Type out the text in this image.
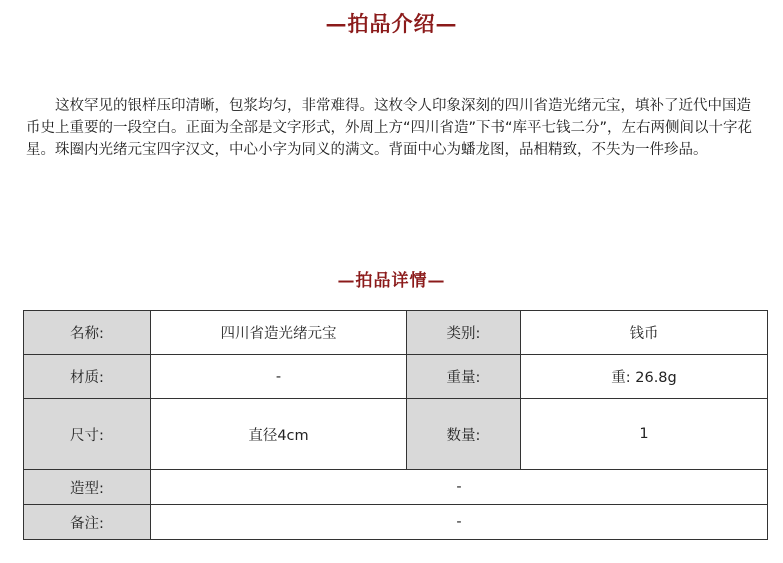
—拍品介绍—

这枚罕见的银样压印清晰，包浆均匀，非常难得。这枚令人印象深刻的四川省造光绪元宝，填补了近代中国造币史上重要的一段空白。正面为全部是文字形式，外周上方“四川省造”下书“库平七钱二分”，左右两侧间以十字花星。珠圈内光绪元宝四字汉文，中心小字为同义的满文。背面中心为蟠龙图，品相精致，不失为一件珍品。

—拍品详情—
名称:	四川省造光绪元宝	类别:	钱币
材质:	-	重量:	重: 26.8g
尺寸:	直径4cm	数量:	1
造型:	-		
备注:	-		
